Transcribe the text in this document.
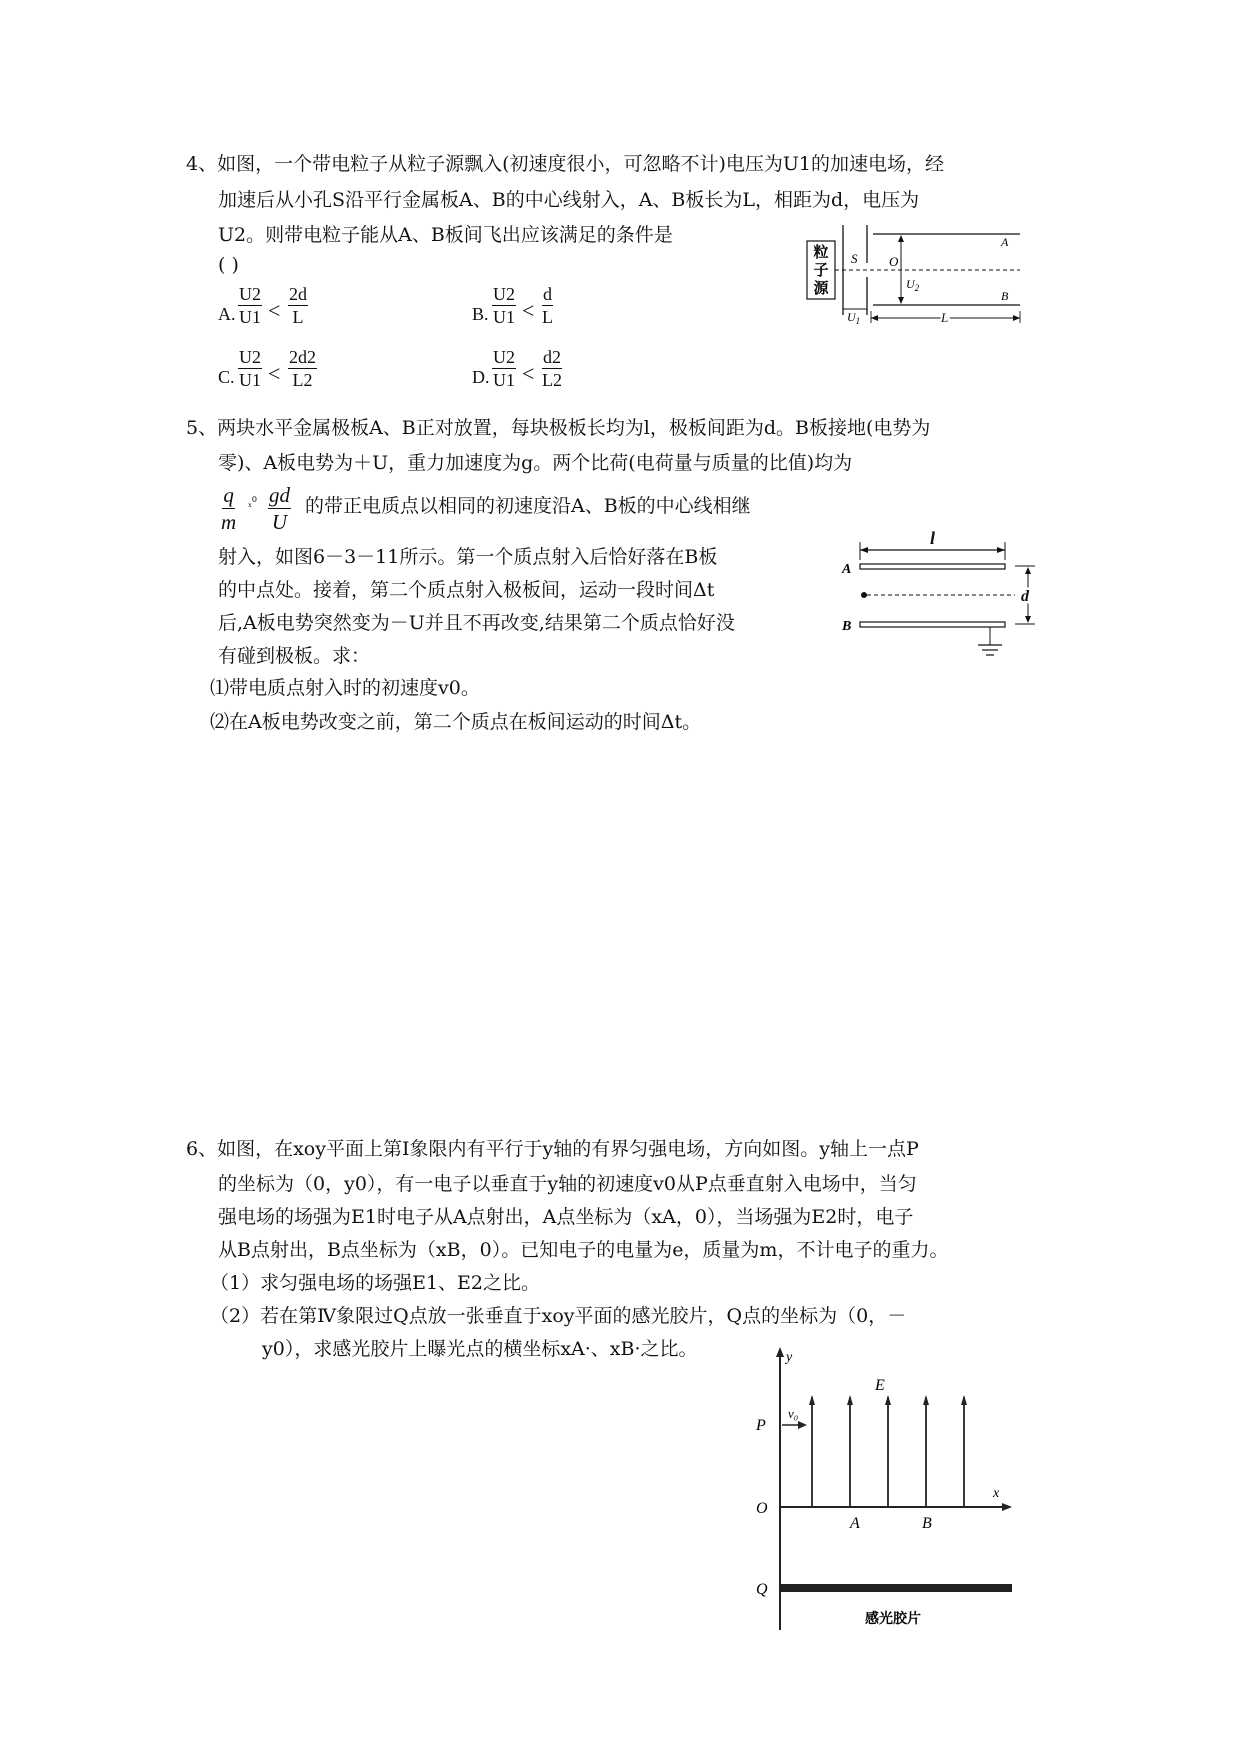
4、如图，一个带电粒子从粒子源飘入(初速度很小，可忽略不计)电压为U1的加速电场，经
加速后从小孔S沿平行金属板A、B的中心线射入，A、B板长为L，相距为d，电压为
U2。则带电粒子能从A、B板间飞出应该满足的条件是
( )
A. $\frac{U2}{U1} < \frac{2d}{L}$	B. $\frac{U2}{U1} < \frac{d}{L}$
C. $\frac{U2}{U1} < \frac{2d2}{L2}$	D. $\frac{U2}{U1} < \frac{d2}{L2}$
粒
子
源
S O
A
B
$U_2$
$U_1$	L
5、两块水平金属极板A、B正对放置，每块极板长均为l，极板间距为d。B板接地(电势为
零)、A板电势为＋U，重力加速度为g。两个比荷(电荷量与质量的比值)均为
$\frac{q}{m} _x^0 \frac{gd}{U}$ 的带正电质点以相同的初速度沿A、B板的中心线相继
射入，如图6－3－11所示。第一个质点射入后恰好落在B板
的中点处。接着，第二个质点射入极板间，运动一段时间Δt
后,A板电势突然变为－U并且不再改变,结果第二个质点恰好没
有碰到极板。求：
⑴带电质点射入时的初速度v0。
⑵在A板电势改变之前，第二个质点在板间运动的时间Δt。
l
d
A
B
6、如图，在xoy平面上第Ⅰ象限内有平行于y轴的有界匀强电场，方向如图。y轴上一点P
的坐标为（0，y0），有一电子以垂直于y轴的初速度v0从P点垂直射入电场中，当匀
强电场的场强为E1时电子从A点射出，A点坐标为（xA，0），当场强为E2时，电子
从B点射出，B点坐标为（xB，0）。已知电子的电量为e，质量为m，不计电子的重力。
（1）求匀强电场的场强E1、E2之比。
（2）若在第Ⅳ象限过Q点放一张垂直于xoy平面的感光胶片，Q点的坐标为（0，－
y0），求感光胶片上曝光点的横坐标xA·、xB·之比。	y
x
E
P
v₀
O
A	B
Q
感光胶片
